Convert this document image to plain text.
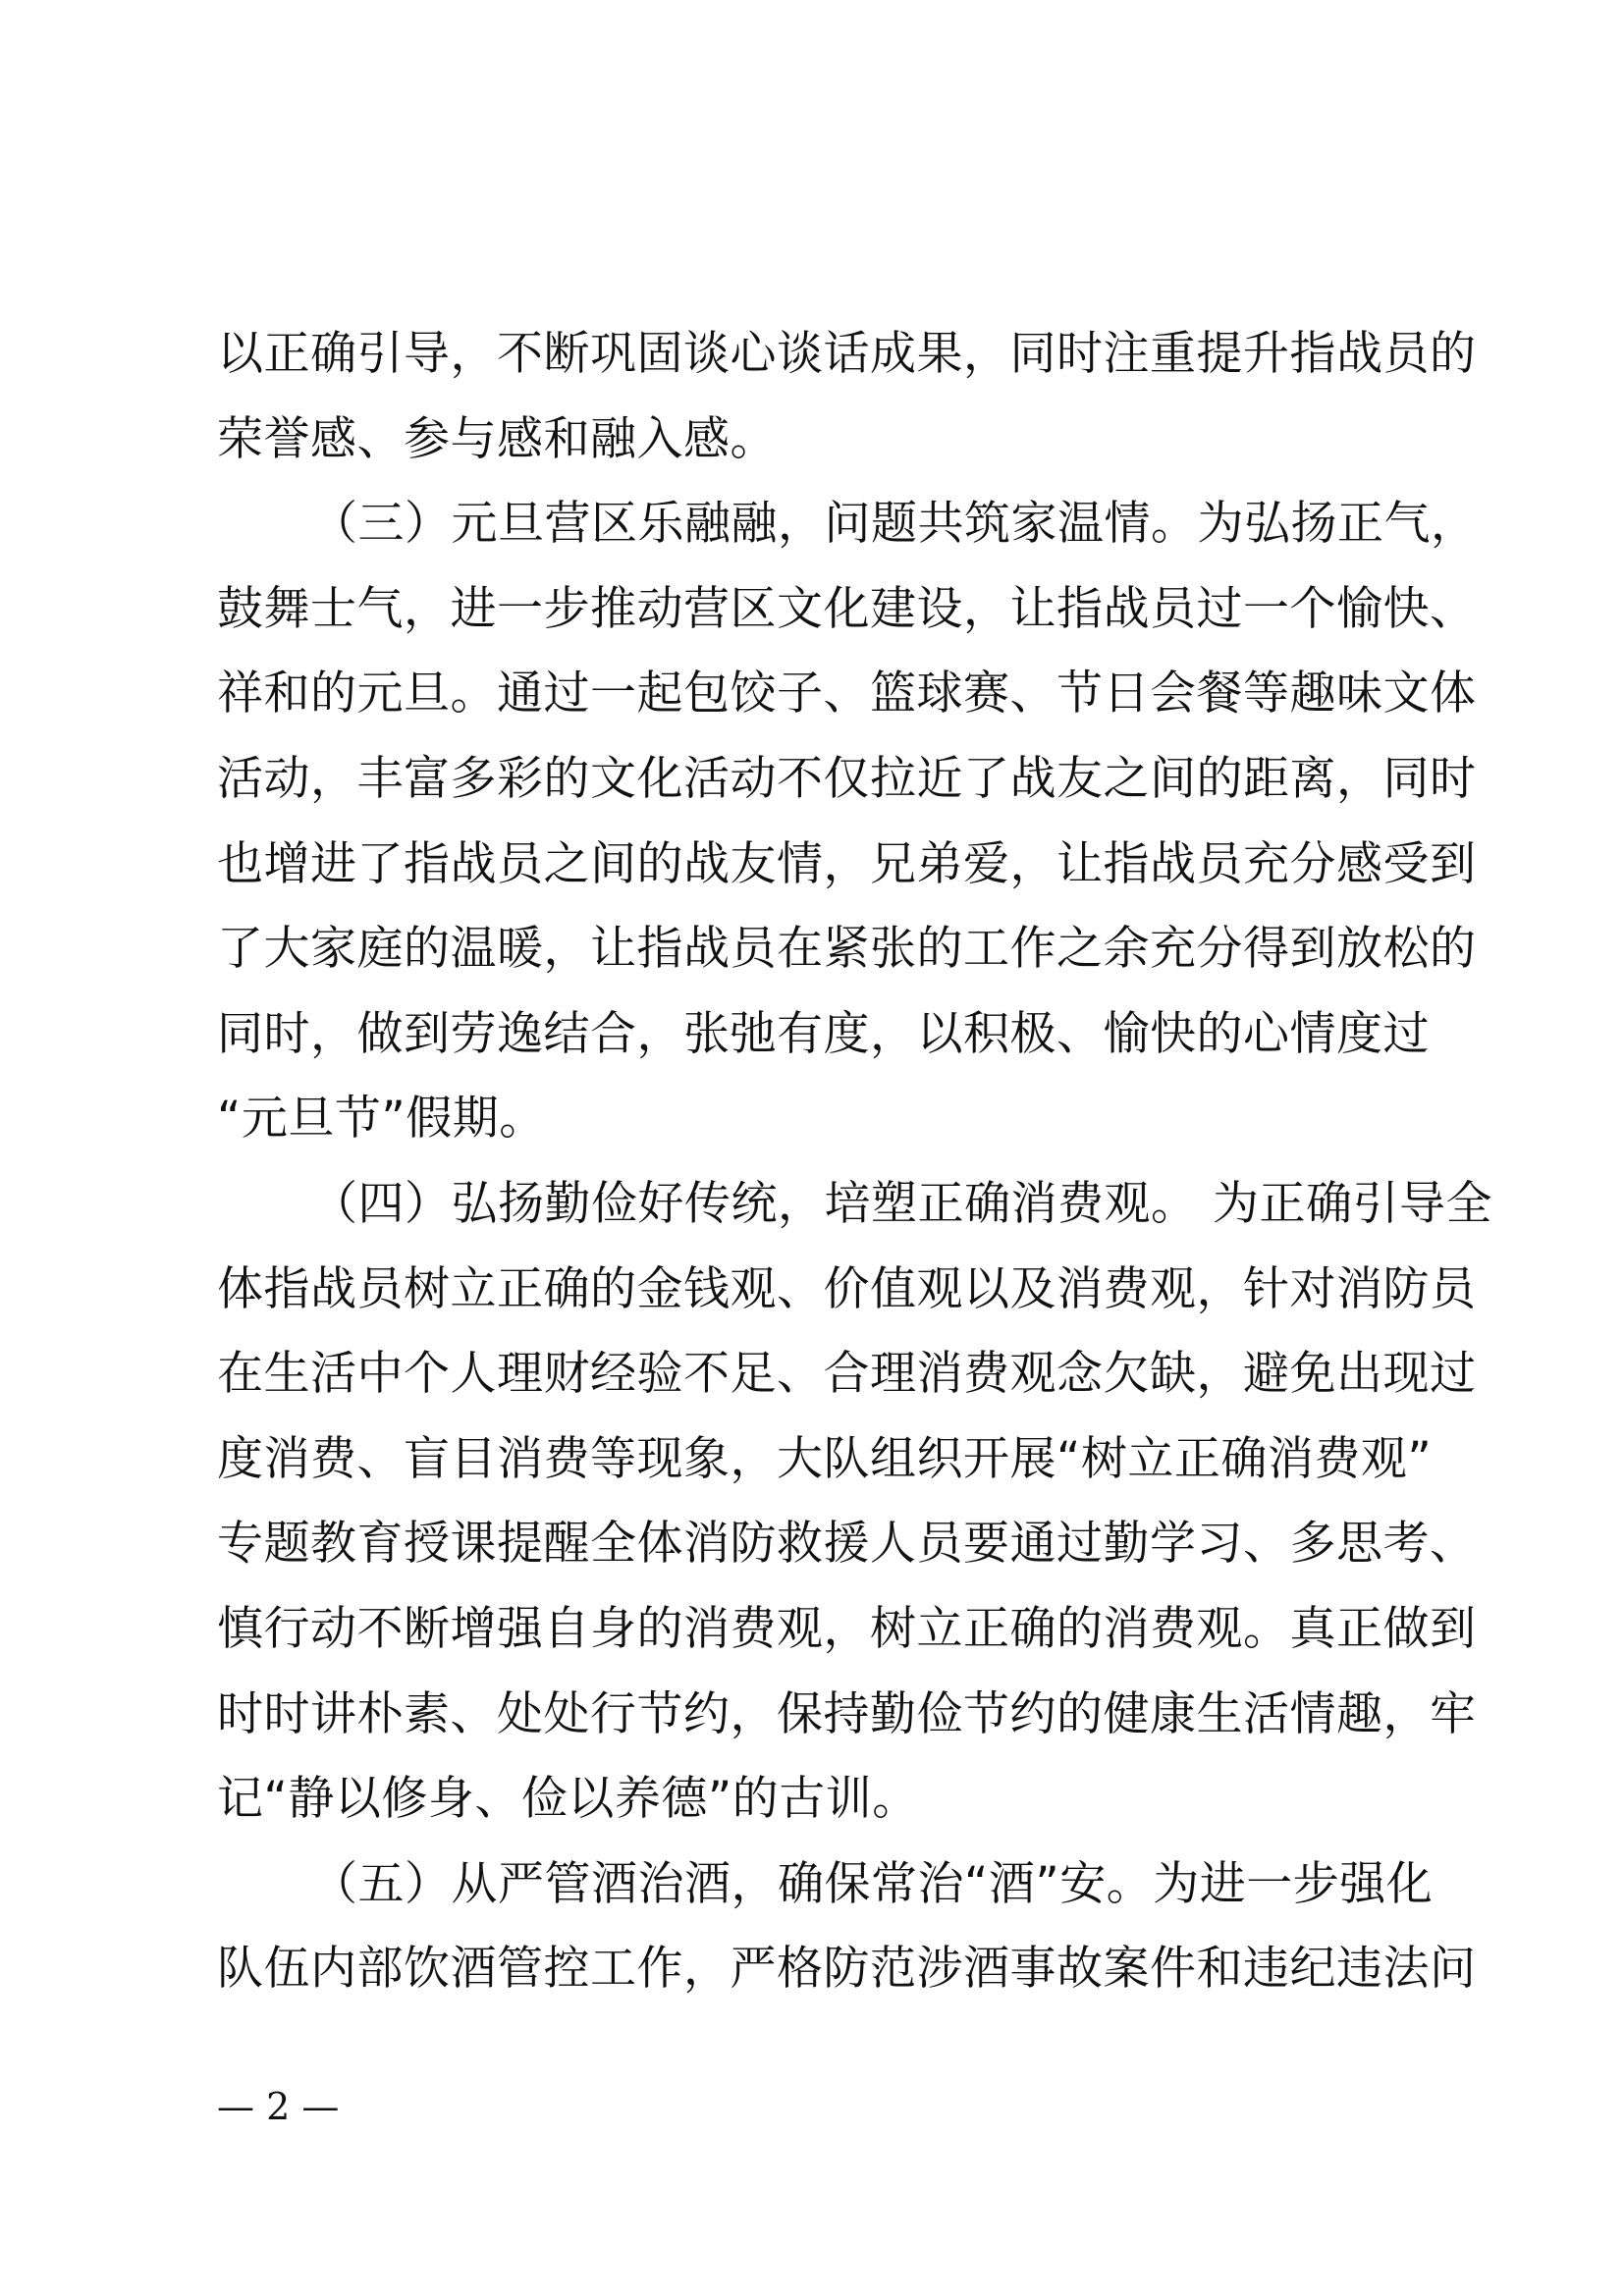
以正确引导，不断巩固谈心谈话成果，同时注重提升指战员的
荣誉感、参与感和融入感。
（三）元旦营区乐融融，问题共筑家温情。为弘扬正气，
鼓舞士气，进一步推动营区文化建设，让指战员过一个愉快、
祥和的元旦。通过一起包饺子、篮球赛、节日会餐等趣味文体
活动，丰富多彩的文化活动不仅拉近了战友之间的距离，同时
也增进了指战员之间的战友情，兄弟爱，让指战员充分感受到
了大家庭的温暖，让指战员在紧张的工作之余充分得到放松的
同时，做到劳逸结合，张弛有度，以积极、愉快的心情度过
“元旦节”假期。
（四）弘扬勤俭好传统，培塑正确消费观。 为正确引导全
体指战员树立正确的金钱观、价值观以及消费观，针对消防员
在生活中个人理财经验不足、合理消费观念欠缺，避免出现过
度消费、盲目消费等现象，大队组织开展“树立正确消费观”
专题教育授课提醒全体消防救援人员要通过勤学习、多思考、
慎行动不断增强自身的消费观，树立正确的消费观。真正做到
时时讲朴素、处处行节约，保持勤俭节约的健康生活情趣，牢
记“静以修身、俭以养德”的古训。
（五）从严管酒治酒，确保常治“酒”安。为进一步强化
队伍内部饮酒管控工作，严格防范涉酒事故案件和违纪违法问
— 2 —
